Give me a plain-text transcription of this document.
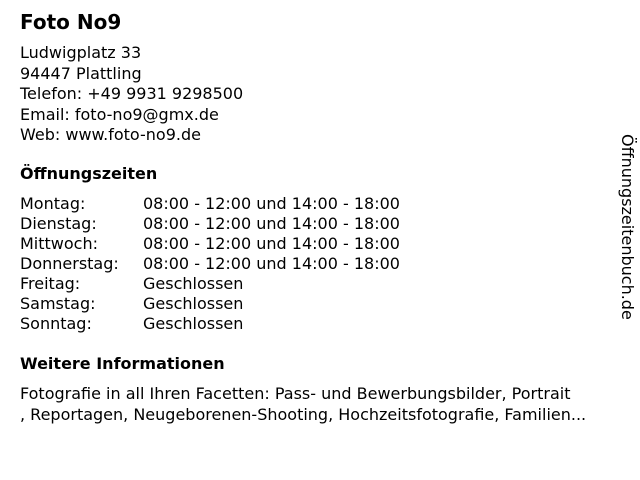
Foto No9
Ludwigplatz 33
94447 Plattling
Telefon: +49 9931 9298500
Email: foto-no9@gmx.de
Web: www.foto-no9.de
Öffnungszeiten
Montag:	08:00 - 12:00 und 14:00 - 18:00
Dienstag:	08:00 - 12:00 und 14:00 - 18:00
Mittwoch:	08:00 - 12:00 und 14:00 - 18:00
Donnerstag:	08:00 - 12:00 und 14:00 - 18:00
Freitag:	Geschlossen
Samstag:	Geschlossen
Sonntag:	Geschlossen
Weitere Informationen
Fotografie in all Ihren Facetten: Pass- und Bewerbungsbilder, Portrait
, Reportagen, Neugeborenen-Shooting, Hochzeitsfotografie, Familien...
Öffnungszeitenbuch.de
